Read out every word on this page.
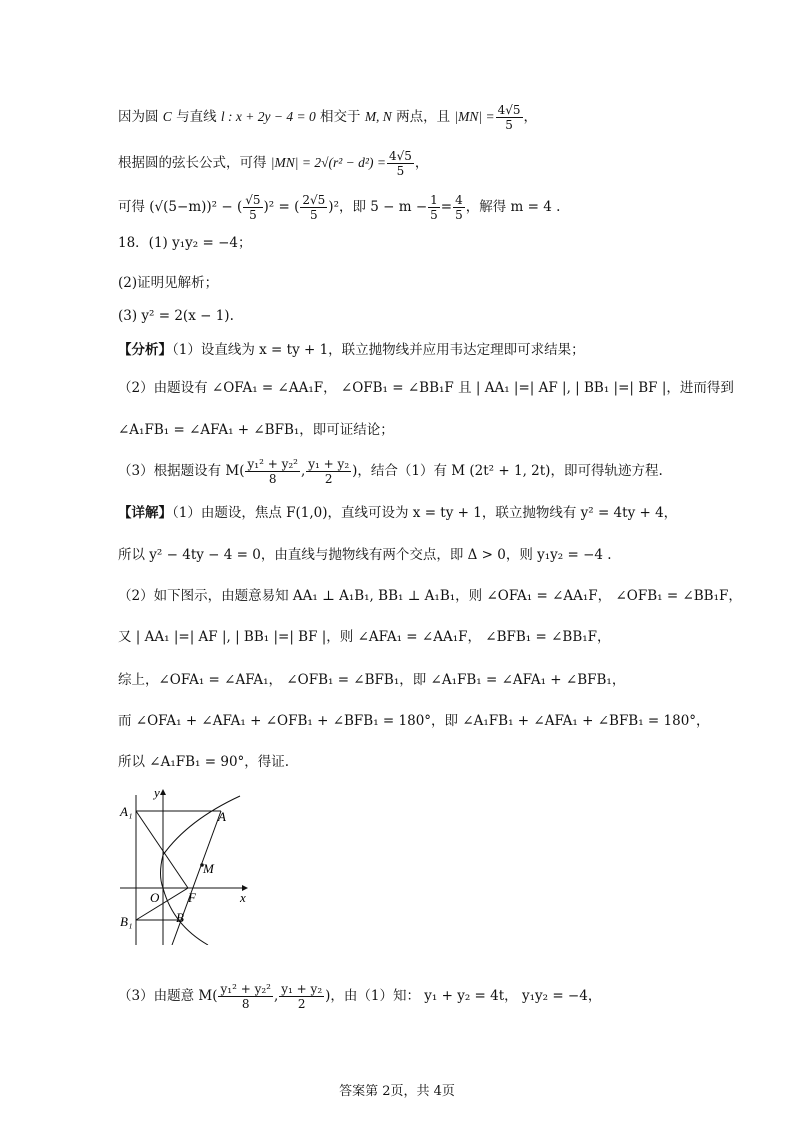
因为圆 C 与直线 l : x + 2y − 4 = 0 相交于 M, N 两点，且 $|MN| = \frac{4√5}{5}$ ，
根据圆的弦长公式，可得 $|MN| = 2√(r^2 - d^2) = \frac{4√5}{5}$ ，
可得 (√(5−m))² − ( $\frac{√5}{5} )^2$ = ( $\frac{2√5}{5} )^2$，即 $5 - m - \frac{1}{5} = \frac{4}{5}$ ，解得 m = 4 .
18．(1) y₁y₂ = −4；
(2)证明见解析；
(3) y² = 2(x − 1).
【分析】（1）设直线为 x = ty + 1，联立抛物线并应用韦达定理即可求结果；
（2）由题设有 ∠OFA₁ = ∠AA₁F， ∠OFB₁ = ∠BB₁F 且 | AA₁ |=| AF |, | BB₁ |=| BF |，进而得到
∠A₁FB₁ = ∠AFA₁ + ∠BFB₁，即可证结论；
（3）根据题设有 $M( \frac{\text{y₁² + y₂²}}{8}$ , $\frac{\text{y₁ + y₂}}{2}$ )，结合（1）有 M (2t² + 1, 2t)，即可得轨迹方程.
【详解】（1）由题设，焦点 F(1,0)，直线可设为 x = ty + 1，联立抛物线有 y² = 4ty + 4，
所以 y² − 4ty − 4 = 0，由直线与抛物线有两个交点，即 Δ > 0，则 y₁y₂ = −4 .
（2）如下图示，由题意易知 AA₁ ⊥ A₁B₁, BB₁ ⊥ A₁B₁，则 ∠OFA₁ = ∠AA₁F， ∠OFB₁ = ∠BB₁F，
又 | AA₁ |=| AF |, | BB₁ |=| BF |，则 ∠AFA₁ = ∠AA₁F， ∠BFB₁ = ∠BB₁F，
综上，∠OFA₁ = ∠AFA₁， ∠OFB₁ = ∠BFB₁，即 ∠A₁FB₁ = ∠AFA₁ + ∠BFB₁，
而 ∠OFA₁ + ∠AFA₁ + ∠OFB₁ + ∠BFB₁ = 180°，即 ∠A₁FB₁ + ∠AFA₁ + ∠BFB₁ = 180°，
所以 ∠A₁FB₁ = 90°，得证.
y
x
A₁	A
M
O F
B₁	B
（3）由题意 $M( \frac{\text{y₁² + y₂²}}{8}$ , $\frac{\text{y₁ + y₂}}{2}$ )，由（1）知： y₁ + y₂ = 4t， y₁y₂ = −4，
答案第 2页，共 4页
